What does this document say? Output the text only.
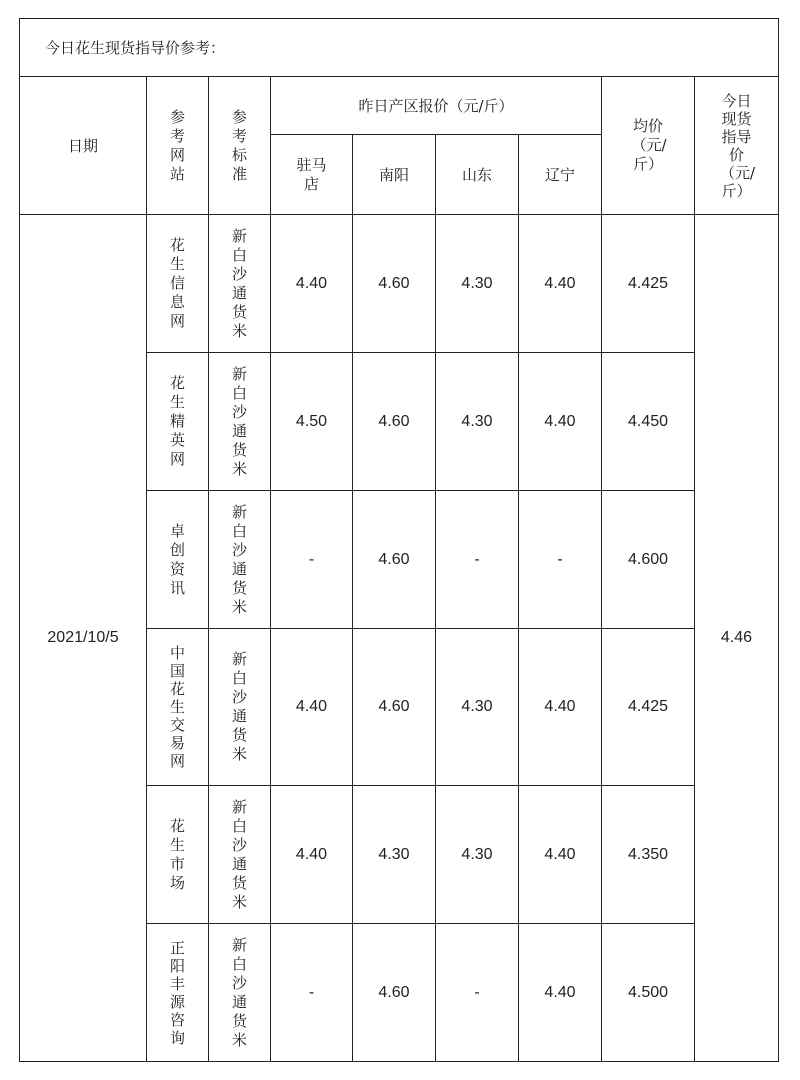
今日花生现货指导价参考：								
日期	参考网站	参考标准	昨日产区报价（元/斤）				均价（元/斤）	今日现货指导价（元/斤）
			驻马店	南阳	山东	辽宁		
2021/10/5	花生信息网	新白沙通货米	4.40	4.60	4.30	4.40	4.425	4.46
	花生精英网	新白沙通货米	4.50	4.60	4.30	4.40	4.450	
	卓创资讯	新白沙通货米	-	4.60	-	-	4.600	
	中国花生交易网	新白沙通货米	4.40	4.60	4.30	4.40	4.425	
	花生市场	新白沙通货米	4.40	4.30	4.30	4.40	4.350	
	正阳丰源咨询	新白沙通货米	-	4.60	-	4.40	4.500	
